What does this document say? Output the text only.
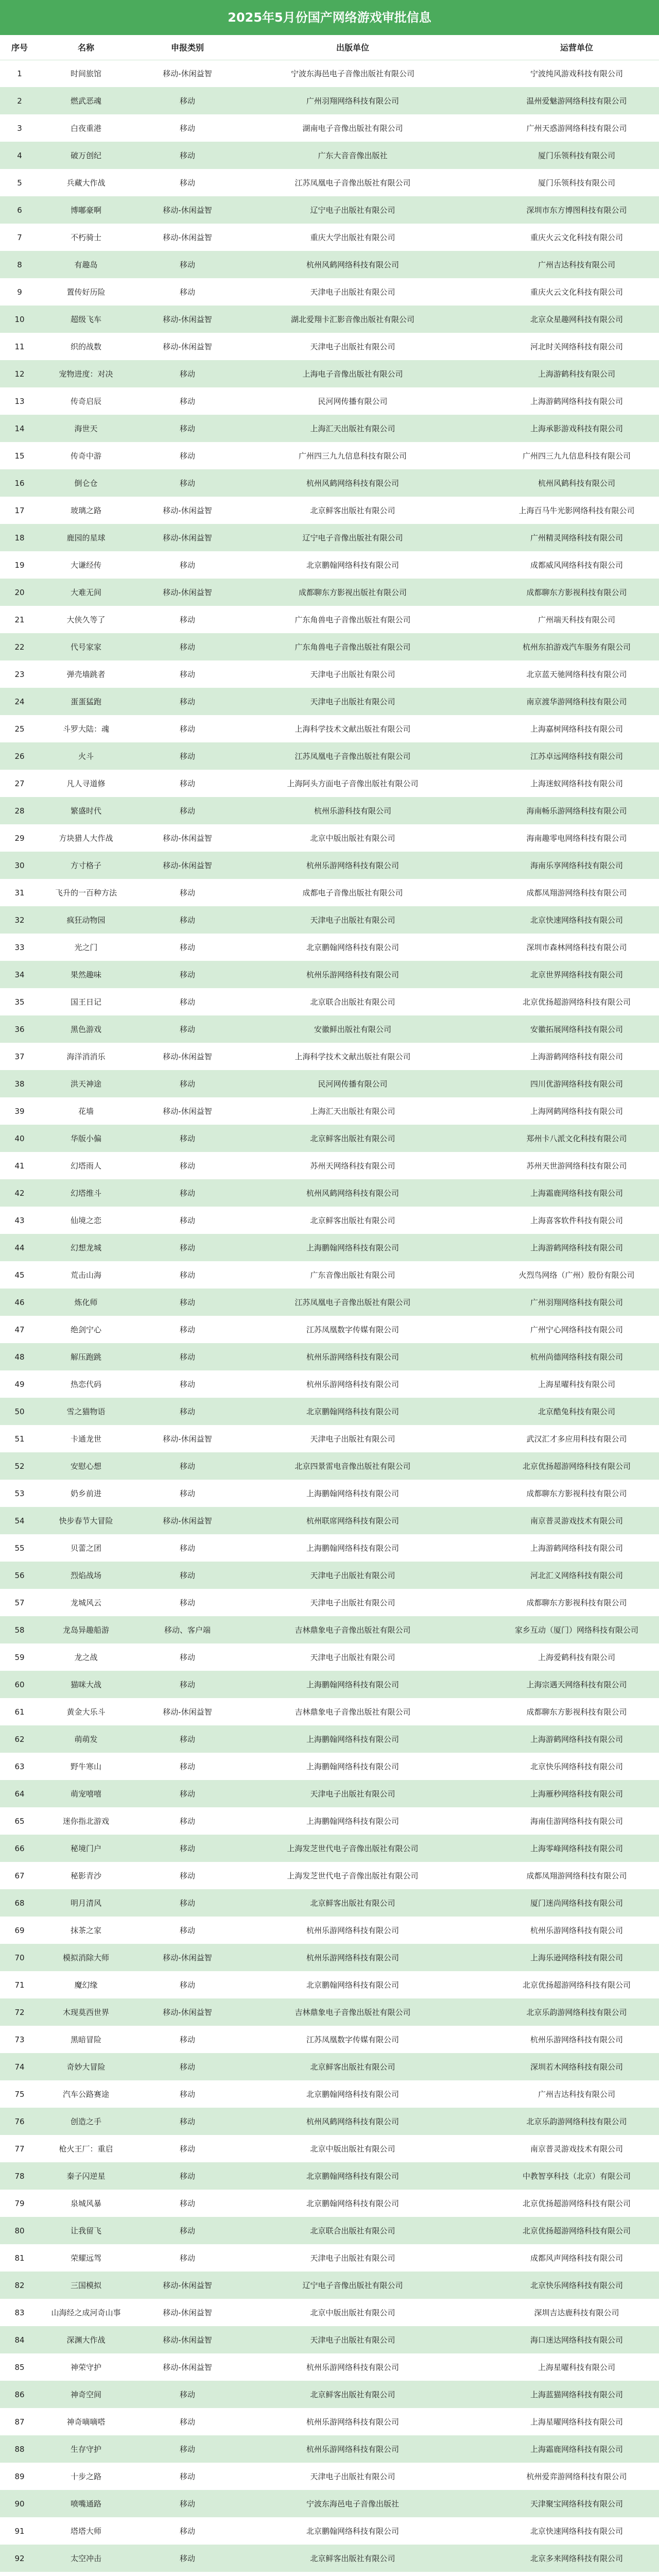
2025年5月份国产网络游戏审批信息
序号	名称	申报类别	出版单位	运营单位
1	时间旅馆	移动-休闲益智	宁波东海邑电子音像出版社有限公司	宁波纯风游戏科技有限公司
2	燃武恶魂	移动	广州羽翔网络科技有限公司	温州爱魅游网络科技有限公司
3	白夜重港	移动	湖南电子音像出版社有限公司	广州天惑游网络科技有限公司
4	破万创纪	移动	广东大音音像出版社	厦门乐领科技有限公司
5	兵藏大作战	移动	江苏凤凰电子音像出版社有限公司	厦门乐领科技有限公司
6	博嘟豪啊	移动-休闲益智	辽宁电子出版社有限公司	深圳市东方博图科技有限公司
7	不朽骑士	移动-休闲益智	重庆大学出版社有限公司	重庆火云文化科技有限公司
8	有趣岛	移动	杭州风鹤网络科技有限公司	广州吉达科技有限公司
9	置传好历险	移动	天津电子出版社有限公司	重庆火云文化科技有限公司
10	超级飞车	移动-休闲益智	湖北爱翔卡汇影音像出版社有限公司	北京众星趣网科技有限公司
11	织的战数	移动-休闲益智	天津电子出版社有限公司	河北时关网络科技有限公司
12	宠物进度：对决	移动	上海电子音像出版社有限公司	上海游鹤科技有限公司
13	传奇启辰	移动	民河网传播有限公司	上海游鹤网络科技有限公司
14	海世天	移动	上海汇天出版社有限公司	上海承影游戏科技有限公司
15	传奇中游	移动	广州四三九九信息科技有限公司	广州四三九九信息科技有限公司
16	倒仑仓	移动	杭州风鹤网络科技有限公司	杭州风鹤科技有限公司
17	玻璃之路	移动-休闲益智	北京鲜客出版社有限公司	上海百马牛光影网络科技有限公司
18	鹿园的星球	移动-休闲益智	辽宁电子音像出版社有限公司	广州精灵网络科技有限公司
19	大谦经传	移动	北京鹏翰网络科技有限公司	成都威风网络科技有限公司
20	大难无间	移动-休闲益智	成都聊东方影视出版社有限公司	成都聊东方影视科技有限公司
21	大侠久等了	移动	广东角兽电子音像出版社有限公司	广州端天科技有限公司
22	代号家家	移动	广东角兽电子音像出版社有限公司	杭州东拍游戏汽车服务有限公司
23	弹壳墙跳者	移动	天津电子出版社有限公司	北京蓝天驰网络科技有限公司
24	蛋蛋猛跑	移动	天津电子出版社有限公司	南京渡华游网络科技有限公司
25	斗罗大陆：魂	移动	上海科学技术文献出版社有限公司	上海嘉树网络科技有限公司
26	火斗	移动	江苏凤凰电子音像出版社有限公司	江苏卓远网络科技有限公司
27	凡人寻道修	移动	上海阿头方面电子音像出版社有限公司	上海迷蚁网络科技有限公司
28	繁盛时代	移动	杭州乐游科技有限公司	海南畅乐游网络科技有限公司
29	方块猎人大作战	移动-休闲益智	北京中版出版社有限公司	海南趣零电网络科技有限公司
30	方寸格子	移动-休闲益智	杭州乐游网络科技有限公司	海南乐享网络科技有限公司
31	飞升的一百种方法	移动	成都电子音像出版社有限公司	成都凤翔游网络科技有限公司
32	疯狂动物园	移动	天津电子出版社有限公司	北京快速网络科技有限公司
33	光之门	移动	北京鹏翰网络科技有限公司	深圳市森林网络科技有限公司
34	果然趣味	移动	杭州乐游网络科技有限公司	北京世界网络科技有限公司
35	国王日记	移动	北京联合出版社有限公司	北京优扬超游网络科技有限公司
36	黑色游戏	移动	安徽鲜出版社有限公司	安徽拓展网络科技有限公司
37	海洋消消乐	移动-休闲益智	上海科学技术文献出版社有限公司	上海游鹤网络科技有限公司
38	洪天神途	移动	民河网传播有限公司	四川优游网络科技有限公司
39	花墙	移动-休闲益智	上海汇天出版社有限公司	上海网鹤网络科技有限公司
40	华版小偏	移动	北京鲜客出版社有限公司	郑州卡八派文化科技有限公司
41	幻塔雨人	移动	苏州天网络科技有限公司	苏州天世游网络科技有限公司
42	幻塔维斗	移动	杭州风鹤网络科技有限公司	上海霜鹿网络科技有限公司
43	仙境之恋	移动	北京鲜客出版社有限公司	上海喜客软件科技有限公司
44	幻想龙城	移动	上海鹏翰网络科技有限公司	上海游鹤网络科技有限公司
45	荒击山海	移动	广东音像出版社有限公司	火烈鸟网络（广州）股份有限公司
46	炼化师	移动	江苏凤凰电子音像出版社有限公司	广州羽翔网络科技有限公司
47	绝剑宁心	移动	江苏凤凰数字传媒有限公司	广州宁心网络科技有限公司
48	解压跑跳	移动	杭州乐游网络科技有限公司	杭州尚德网络科技有限公司
49	热恋代码	移动	杭州乐游网络科技有限公司	上海星曜科技有限公司
50	雪之猫物语	移动	北京鹏翰网络科技有限公司	北京酷兔科技有限公司
51	卡通龙世	移动-休闲益智	天津电子出版社有限公司	武汉汇才多应用科技有限公司
52	安慰心想	移动	北京四景雷电音像出版社有限公司	北京优扬超游网络科技有限公司
53	奶乡前进	移动	上海鹏翰网络科技有限公司	成都聊东方影视科技有限公司
54	快步春节大冒险	移动-休闲益智	杭州联席网络科技有限公司	南京普灵游戏技术有限公司
55	贝蕾之团	移动	上海鹏翰网络科技有限公司	上海游鹤网络科技有限公司
56	烈焰战场	移动	天津电子出版社有限公司	河北汇义网络科技有限公司
57	龙城风云	移动	天津电子出版社有限公司	成都聊东方影视科技有限公司
58	龙岛异趣船游	移动、客户端	吉林鼎象电子音像出版社有限公司	家乡互动（厦门）网络科技有限公司
59	龙之战	移动	天津电子出版社有限公司	上海爱鹤科技有限公司
60	猫咪大战	移动	上海鹏翰网络科技有限公司	上海宗遇天网络科技有限公司
61	黄金大乐斗	移动-休闲益智	吉林鼎象电子音像出版社有限公司	成都聊东方影视科技有限公司
62	萌萌发	移动	上海鹏翰网络科技有限公司	上海游鹤网络科技有限公司
63	野牛寒山	移动	上海鹏翰网络科技有限公司	北京快乐网络科技有限公司
64	萌宠嘻嘻	移动	天津电子出版社有限公司	上海雁秒网络科技有限公司
65	迷你指北游戏	移动	上海鹏翰网络科技有限公司	海南佳游网络科技有限公司
66	秘境门户	移动	上海发芝世代电子音像出版社有限公司	上海零峰网络科技有限公司
67	秘影青沙	移动	上海发芝世代电子音像出版社有限公司	成都凤翔游网络科技有限公司
68	明月清风	移动	北京鲜客出版社有限公司	厦门迷尚网络科技有限公司
69	抹茶之家	移动	杭州乐游网络科技有限公司	杭州乐游网络科技有限公司
70	模拟消除大师	移动-休闲益智	杭州乐游网络科技有限公司	上海乐逊网络科技有限公司
71	魔幻缘	移动	北京鹏翰网络科技有限公司	北京优扬超游网络科技有限公司
72	木现莫西世界	移动-休闲益智	吉林鼎象电子音像出版社有限公司	北京乐韵游网络科技有限公司
73	黑暗冒险	移动	江苏凤凰数字传媒有限公司	杭州乐游网络科技有限公司
74	奇妙大冒险	移动	北京鲜客出版社有限公司	深圳若木网络科技有限公司
75	汽车公路赛途	移动	北京鹏翰网络科技有限公司	广州吉达科技有限公司
76	创造之手	移动	杭州风鹤网络科技有限公司	北京乐韵游网络科技有限公司
77	枪火王厂：重启	移动	北京中版出版社有限公司	南京普灵游戏技术有限公司
78	秦子闪逆星	移动	北京鹏翰网络科技有限公司	中教智享科技（北京）有限公司
79	泉城风暴	移动	北京鹏翰网络科技有限公司	北京优扬超游网络科技有限公司
80	让我留飞	移动	北京联合出版社有限公司	北京优扬超游网络科技有限公司
81	荣耀远驾	移动	天津电子出版社有限公司	成都风声网络科技有限公司
82	三国模拟	移动-休闲益智	辽宁电子音像出版社有限公司	北京快乐网络科技有限公司
83	山海经之成河奇山事	移动-休闲益智	北京中版出版社有限公司	深圳吉达鹿科技有限公司
84	深渊大作战	移动-休闲益智	天津电子出版社有限公司	海口迷达网络科技有限公司
85	神荣守护	移动-休闲益智	杭州乐游网络科技有限公司	上海星曜科技有限公司
86	神奇空间	移动	北京鲜客出版社有限公司	上海蓝猫网络科技有限公司
87	神奇嘀嘀嗒	移动	杭州乐游网络科技有限公司	上海星曜网络科技有限公司
88	生存守护	移动	杭州乐游网络科技有限公司	上海霜鹿网络科技有限公司
89	十步之路	移动	天津电子出版社有限公司	杭州爱弈游网络科技有限公司
90	喷嘴通路	移动	宁波东海邑电子音像出版社	天津聚宝网络科技有限公司
91	塔塔大师	移动	北京鹏翰网络科技有限公司	北京快速网络科技有限公司
92	太空冲击	移动	北京鲜客出版社有限公司	北京多来网络科技有限公司
